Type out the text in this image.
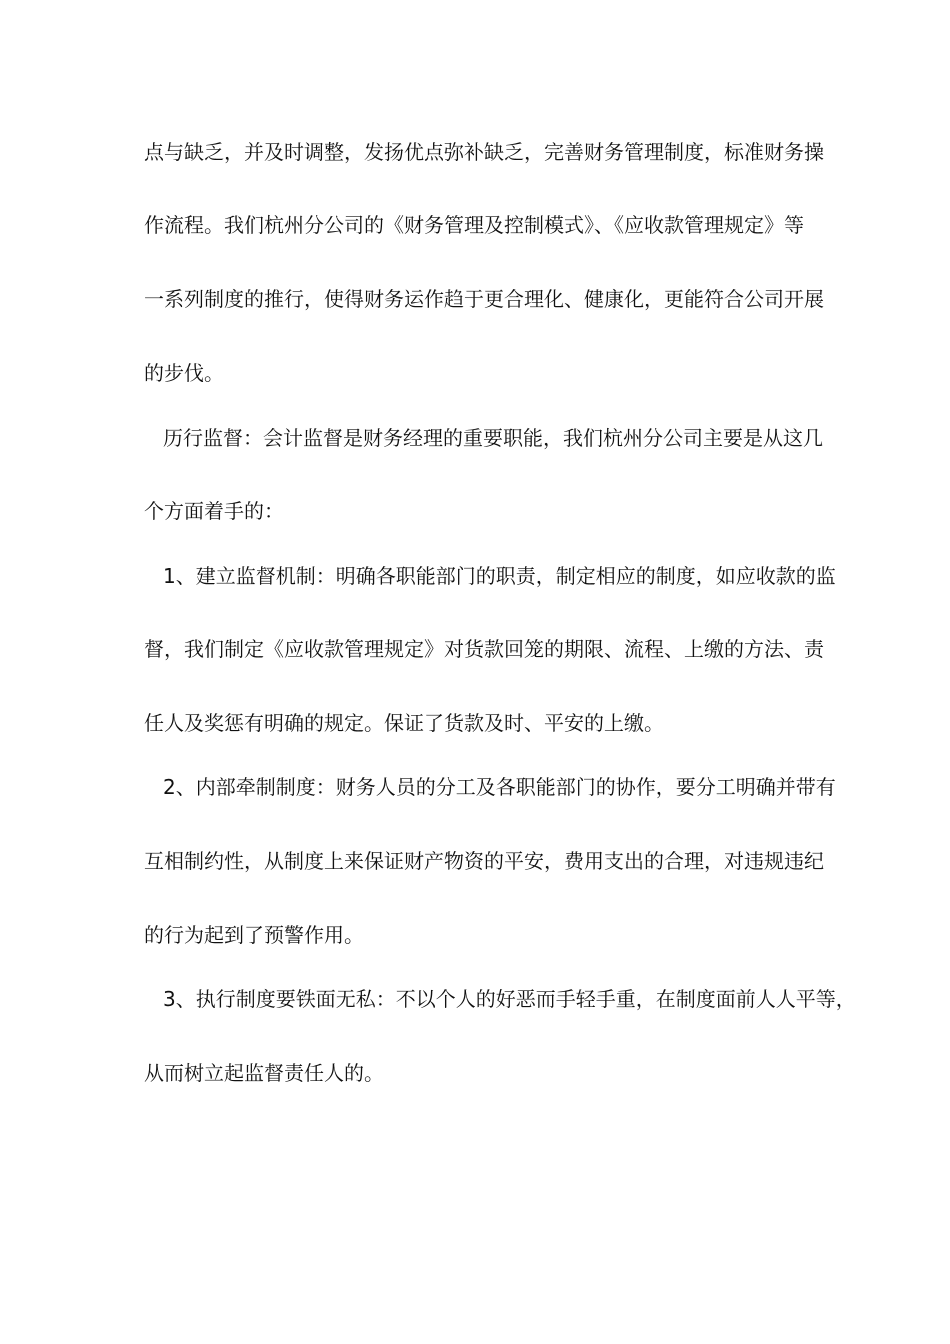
点与缺乏，并及时调整，发扬优点弥补缺乏，完善财务管理制度，标准财务操
作流程。我们杭州分公司的《财务管理及控制模式》、《应收款管理规定》等
一系列制度的推行，使得财务运作趋于更合理化、健康化，更能符合公司开展
的步伐。
历行监督：会计监督是财务经理的重要职能，我们杭州分公司主要是从这几
个方面着手的：
1、建立监督机制：明确各职能部门的职责，制定相应的制度，如应收款的监
督，我们制定《应收款管理规定》对货款回笼的期限、流程、上缴的方法、责
任人及奖惩有明确的规定。保证了货款及时、平安的上缴。
2、内部牵制制度：财务人员的分工及各职能部门的协作，要分工明确并带有
互相制约性，从制度上来保证财产物资的平安，费用支出的合理，对违规违纪
的行为起到了预警作用。
3、执行制度要铁面无私：不以个人的好恶而手轻手重，在制度面前人人平等，
从而树立起监督责任人的。
